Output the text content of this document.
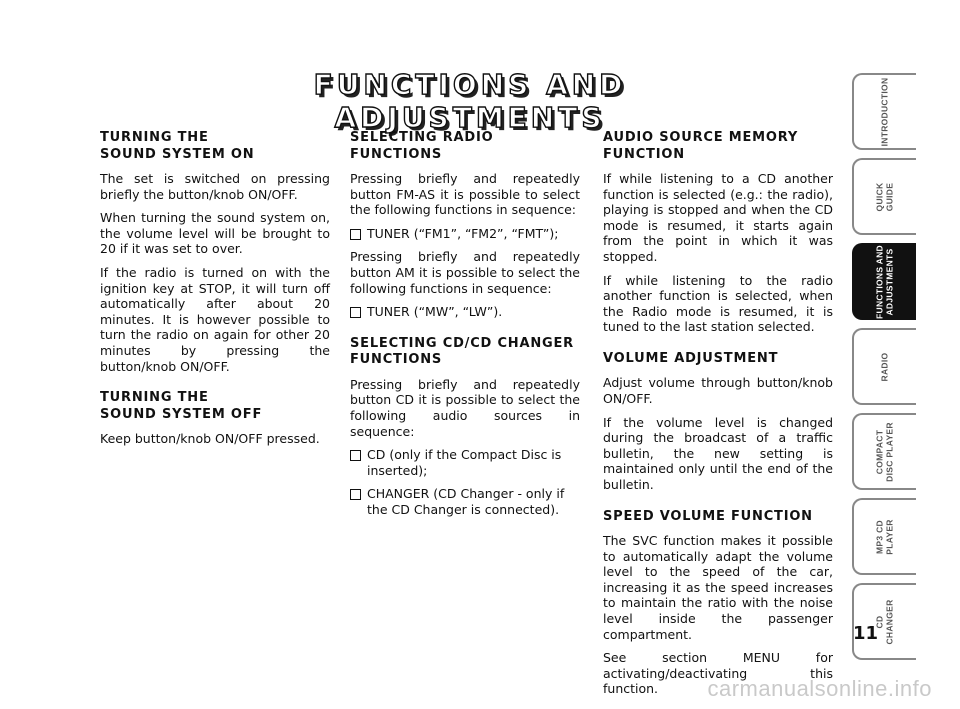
FUNCTIONS AND ADJUSTMENTS
TURNING THE
SOUND SYSTEM ON

The set is switched on pressing briefly the button/knob ON/OFF.

When turning the sound system on, the volume level will be brought to 20 if it was set to over.

If the radio is turned on with the ignition key at STOP, it will turn off automatically after about 20 minutes. It is however possible to turn the radio on again for other 20 minutes by pressing the button/knob ON/OFF.

TURNING THE
SOUND SYSTEM OFF

Keep button/knob ON/OFF pressed.

SELECTING RADIO FUNCTIONS

Pressing briefly and repeatedly button FM-AS it is possible to select the following functions in sequence:

TUNER (“FM1”, “FM2”, “FMT”);

Pressing briefly and repeatedly button AM it is possible to select the following functions in sequence:

TUNER (“MW”, “LW”).
SELECTING CD/CD CHANGER FUNCTIONS

Pressing briefly and repeatedly button CD it is possible to select the following audio sources in sequence:

CD (only if the Compact Disc is inserted);
CHANGER (CD Changer - only if the CD Changer is connected).
AUDIO SOURCE MEMORY FUNCTION

If while listening to a CD another function is selected (e.g.: the radio), playing is stopped and when the CD mode is resumed, it starts again from the point in which it was stopped.

If while listening to the radio another function is selected, when the Radio mode is resumed, it is tuned to the last station selected.

VOLUME ADJUSTMENT

Adjust volume through button/knob ON/OFF.

If the volume level is changed during the broadcast of a traffic bulletin, the new setting is maintained only until the end of the bulletin.

SPEED VOLUME FUNCTION

The SVC function makes it possible to automatically adapt the volume level to the speed of the car, increasing it as the speed increases to maintain the ratio with the noise level inside the passenger compartment.

See section MENU for activating/deactivating this function.

INTRODUCTION
QUICK
GUIDE
FUNCTIONS AND
ADJUSTMENTS
RADIO
COMPACT
DISC PLAYER
MP3 CD
PLAYER
CD
CHANGER
11
carmanualsonline.info
